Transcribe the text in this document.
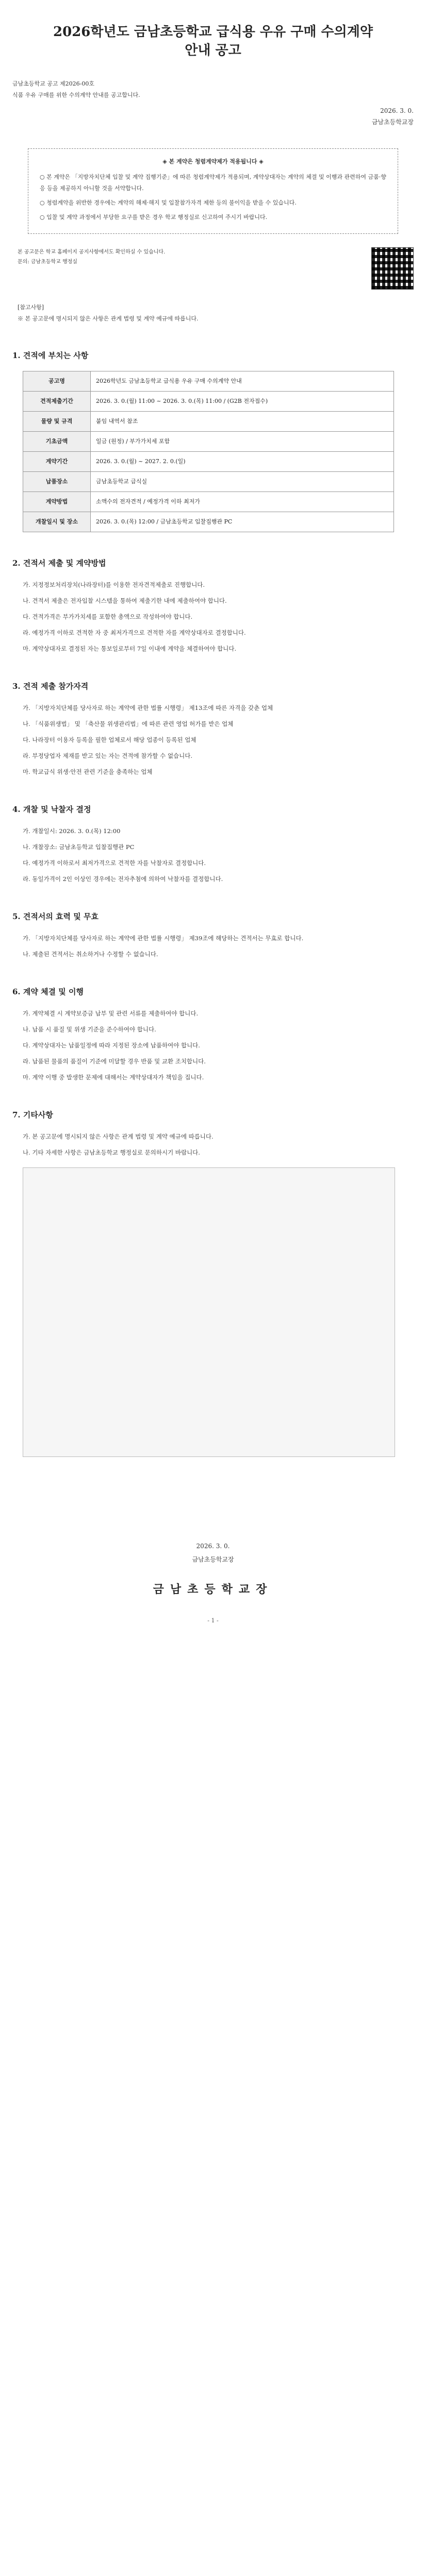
2026학년도 금남초등학교 급식용 우유 구매 수의계약
안내 공고

금남초등학교 공고 제2026-00호

식품 우유 구매를 위한 수의계약 안내를 공고합니다.

2026. 3. 0.
금남초등학교장
◈ 본 계약은 청렴계약제가 적용됩니다 ◈

○ 본 계약은 「지방자치단체 입찰 및 계약 집행기준」에 따른 청렴계약제가 적용되며, 계약상대자는 계약의 체결 및 이행과 관련하여 금품·향응 등을 제공하지 아니할 것을 서약합니다.

○ 청렴계약을 위반한 경우에는 계약의 해제·해지 및 입찰참가자격 제한 등의 불이익을 받을 수 있습니다.

○ 입찰 및 계약 과정에서 부당한 요구를 받은 경우 학교 행정실로 신고하여 주시기 바랍니다.

본 공고문은 학교 홈페이지 공지사항에서도 확인하실 수 있습니다.

문의: 금남초등학교 행정실

[참고사항]

※ 본 공고문에 명시되지 않은 사항은 관계 법령 및 계약 예규에 따릅니다.

1. 견적에 부치는 사항
공고명	2026학년도 금남초등학교 급식용 우유 구매 수의계약 안내
견적제출기간	2026. 3. 0.(월) 11:00 ~ 2026. 3. 0.(목) 11:00 / (G2B 전자접수)
물량 및 규격	붙임 내역서 참조
기초금액	일금 (원정) / 부가가치세 포함
계약기간	2026. 3. 0.(월) ~ 2027. 2. 0.(일)
납품장소	금남초등학교 급식실
계약방법	소액수의 전자견적 / 예정가격 이하 최저가
개찰일시 및 장소	2026. 3. 0.(목) 12:00 / 금남초등학교 입찰집행관 PC
2. 견적서 제출 및 계약방법

가. 지정정보처리장치(나라장터)를 이용한 전자견적제출로 진행합니다.

나. 견적서 제출은 전자입찰 시스템을 통하여 제출기한 내에 제출하여야 합니다.

다. 견적가격은 부가가치세를 포함한 총액으로 작성하여야 합니다.

라. 예정가격 이하로 견적한 자 중 최저가격으로 견적한 자를 계약상대자로 결정합니다.

마. 계약상대자로 결정된 자는 통보일로부터 7일 이내에 계약을 체결하여야 합니다.

3. 견적 제출 참가자격

가. 「지방자치단체를 당사자로 하는 계약에 관한 법률 시행령」 제13조에 따른 자격을 갖춘 업체

나. 「식품위생법」 및 「축산물 위생관리법」에 따른 관련 영업 허가를 받은 업체

다. 나라장터 이용자 등록을 필한 업체로서 해당 업종이 등록된 업체

라. 부정당업자 제재를 받고 있는 자는 견적에 참가할 수 없습니다.

마. 학교급식 위생·안전 관련 기준을 충족하는 업체

4. 개찰 및 낙찰자 결정

가. 개찰일시: 2026. 3. 0.(목) 12:00

나. 개찰장소: 금남초등학교 입찰집행관 PC

다. 예정가격 이하로서 최저가격으로 견적한 자를 낙찰자로 결정합니다.

라. 동일가격이 2인 이상인 경우에는 전자추첨에 의하여 낙찰자를 결정합니다.

5. 견적서의 효력 및 무효

가. 「지방자치단체를 당사자로 하는 계약에 관한 법률 시행령」 제39조에 해당하는 견적서는 무효로 합니다.

나. 제출된 견적서는 취소하거나 수정할 수 없습니다.

6. 계약 체결 및 이행

가. 계약체결 시 계약보증금 납부 및 관련 서류를 제출하여야 합니다.

나. 납품 시 품질 및 위생 기준을 준수하여야 합니다.

다. 계약상대자는 납품일정에 따라 지정된 장소에 납품하여야 합니다.

라. 납품된 물품의 품질이 기준에 미달할 경우 반품 및 교환 조치합니다.

마. 계약 이행 중 발생한 문제에 대해서는 계약상대자가 책임을 집니다.

7. 기타사항

가. 본 공고문에 명시되지 않은 사항은 관계 법령 및 계약 예규에 따릅니다.

나. 기타 자세한 사항은 금남초등학교 행정실로 문의하시기 바랍니다.

2026. 3. 0.
금남초등학교장
금남초등학교장
- 1 -
